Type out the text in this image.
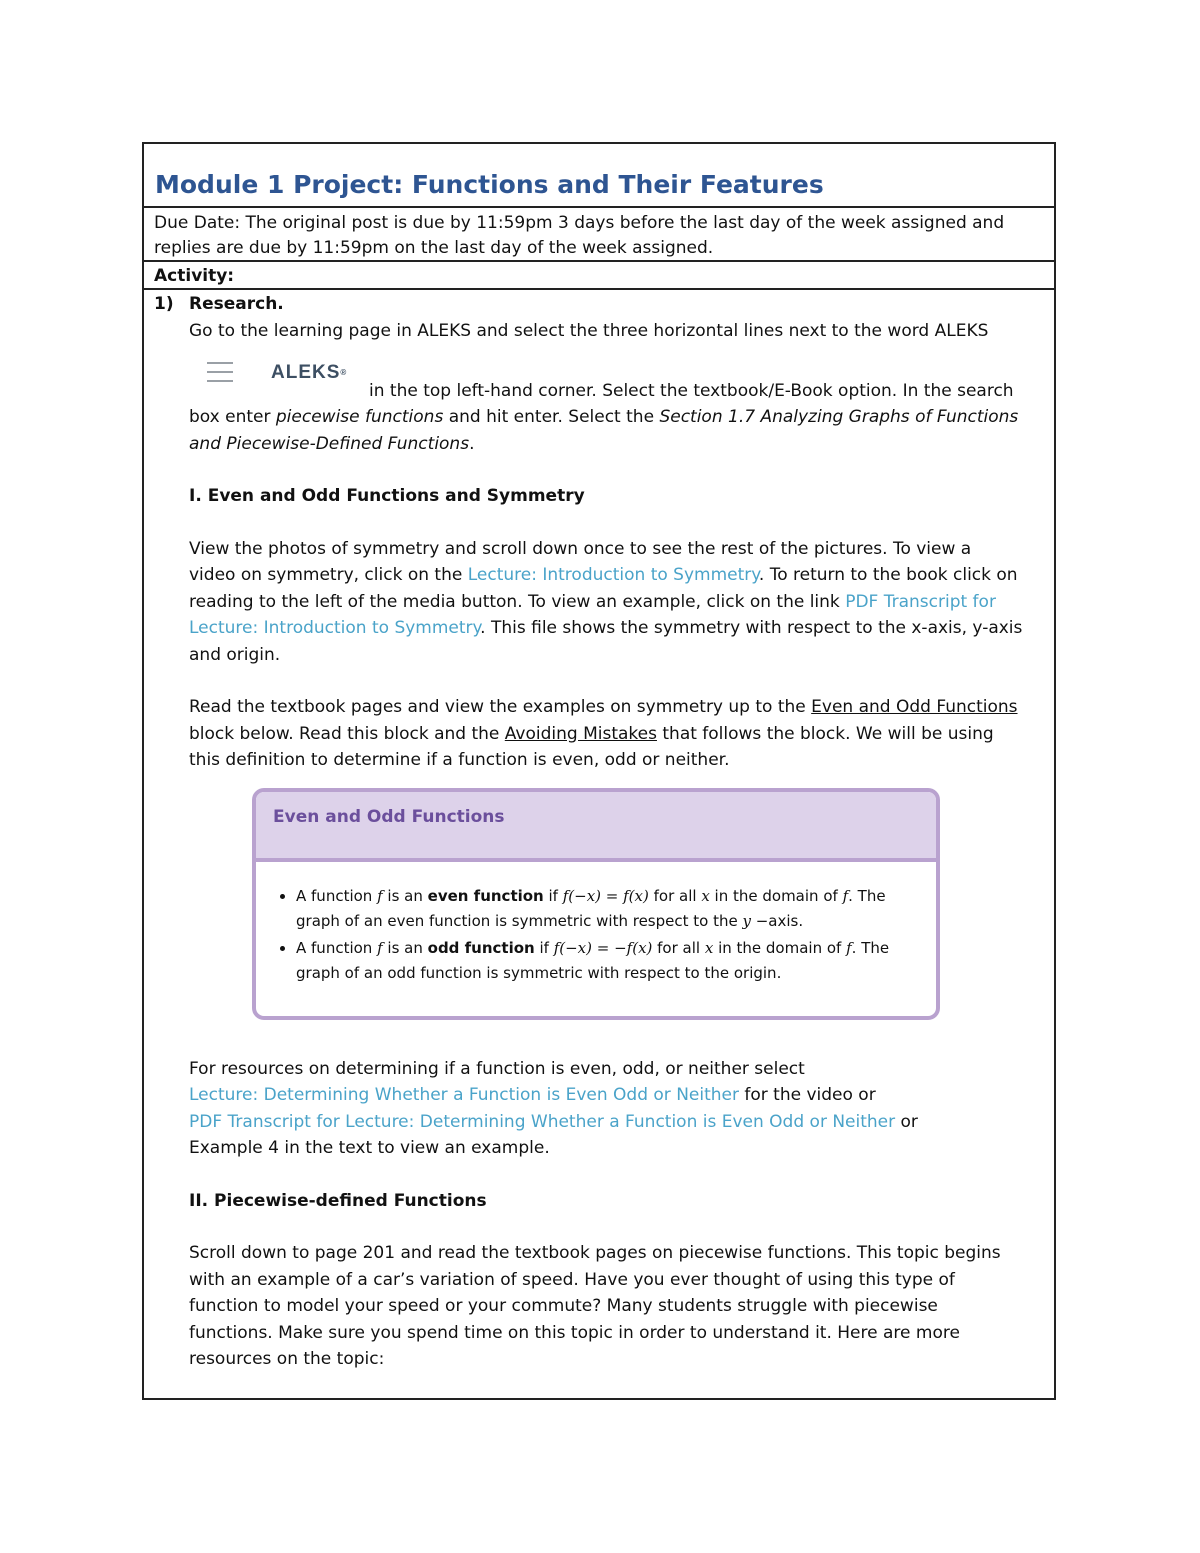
Module 1 Project: Functions and Their Features

Due Date: The original post is due by 11:59pm 3 days before the last day of the week assigned and

replies are due by 11:59pm on the last day of the week assigned.

Activity:
1) Research.

Go to the learning page in ALEKS and select the three horizontal lines next to the word ALEKS

ALEKS®
in the top left-hand corner. Select the textbook/E-Book option. In the search

box enter piecewise functions and hit enter. Select the Section 1.7 Analyzing Graphs of Functions

and Piecewise-Defined Functions.

I. Even and Odd Functions and Symmetry

View the photos of symmetry and scroll down once to see the rest of the pictures. To view a

video on symmetry, click on the Lecture: Introduction to Symmetry. To return to the book click on

reading to the left of the media button. To view an example, click on the link PDF Transcript for

Lecture: Introduction to Symmetry. This file shows the symmetry with respect to the x-axis, y-axis

and origin.

Read the textbook pages and view the examples on symmetry up to the Even and Odd Functions

block below. Read this block and the Avoiding Mistakes that follows the block. We will be using

this definition to determine if a function is even, odd or neither.

Even and Odd Functions
• A function f is an even function if f(−x) = f(x) for all x in the domain of f. The
graph of an even function is symmetric with respect to the y −axis.
• A function f is an odd function if f(−x) = −f(x) for all x in the domain of f. The
graph of an odd function is symmetric with respect to the origin.

For resources on determining if a function is even, odd, or neither select

Lecture: Determining Whether a Function is Even Odd or Neither for the video or

PDF Transcript for Lecture: Determining Whether a Function is Even Odd or Neither or

Example 4 in the text to view an example.

II. Piecewise-defined Functions

Scroll down to page 201 and read the textbook pages on piecewise functions. This topic begins

with an example of a car’s variation of speed. Have you ever thought of using this type of

function to model your speed or your commute? Many students struggle with piecewise

functions. Make sure you spend time on this topic in order to understand it. Here are more

resources on the topic:
